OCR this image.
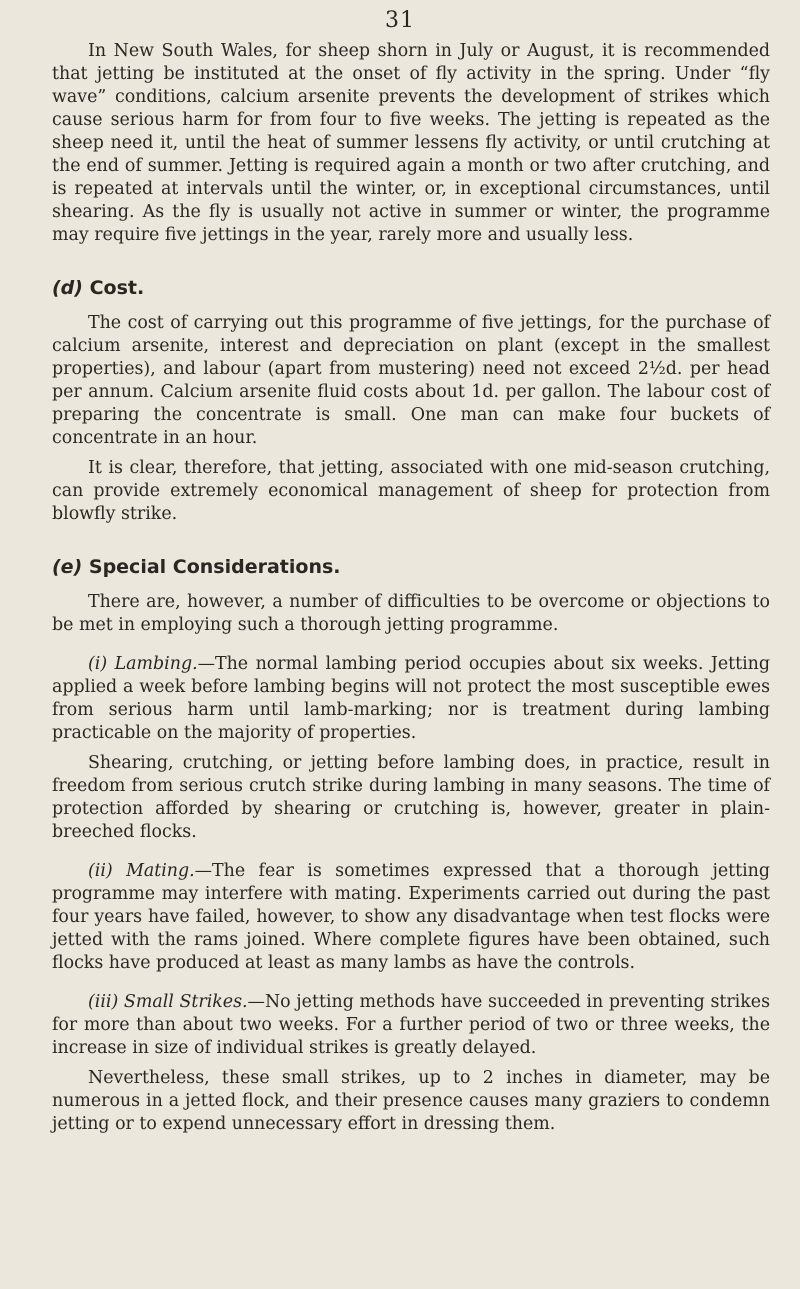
31

In New South Wales, for sheep shorn in July or August, it is recommended that jetting be instituted at the onset of fly activity in the spring. Under “fly wave” conditions, calcium arsenite prevents the development of strikes which cause serious harm for from four to five weeks. The jetting is repeated as the sheep need it, until the heat of summer lessens fly activity, or until crutching at the end of summer. Jetting is required again a month or two after crutching, and is repeated at intervals until the winter, or, in exceptional circumstances, until shearing. As the fly is usually not active in summer or winter, the programme may require five jettings in the year, rarely more and usually less.

(d) Cost.

The cost of carrying out this programme of five jettings, for the purchase of calcium arsenite, interest and depreciation on plant (except in the smallest properties), and labour (apart from mustering) need not exceed 2½d. per head per annum. Calcium arsenite fluid costs about 1d. per gallon. The labour cost of preparing the concentrate is small. One man can make four buckets of concentrate in an hour.

It is clear, therefore, that jetting, associated with one mid-season crutching, can provide extremely economical management of sheep for protection from blowfly strike.

(e) Special Considerations.

There are, however, a number of difficulties to be overcome or objections to be met in employing such a thorough jetting programme.

(i) Lambing.—The normal lambing period occupies about six weeks. Jetting applied a week before lambing begins will not protect the most susceptible ewes from serious harm until lamb-marking; nor is treatment during lambing practicable on the majority of properties.

Shearing, crutching, or jetting before lambing does, in practice, result in freedom from serious crutch strike during lambing in many seasons. The time of protection afforded by shearing or crutching is, however, greater in plain-breeched flocks.

(ii) Mating.—The fear is sometimes expressed that a thorough jetting programme may interfere with mating. Experiments carried out during the past four years have failed, however, to show any disadvantage when test flocks were jetted with the rams joined. Where complete figures have been obtained, such flocks have produced at least as many lambs as have the controls.

(iii) Small Strikes.—No jetting methods have succeeded in preventing strikes for more than about two weeks. For a further period of two or three weeks, the increase in size of individual strikes is greatly delayed.

Nevertheless, these small strikes, up to 2 inches in diameter, may be numerous in a jetted flock, and their presence causes many graziers to condemn jetting or to expend unnecessary effort in dressing them.
